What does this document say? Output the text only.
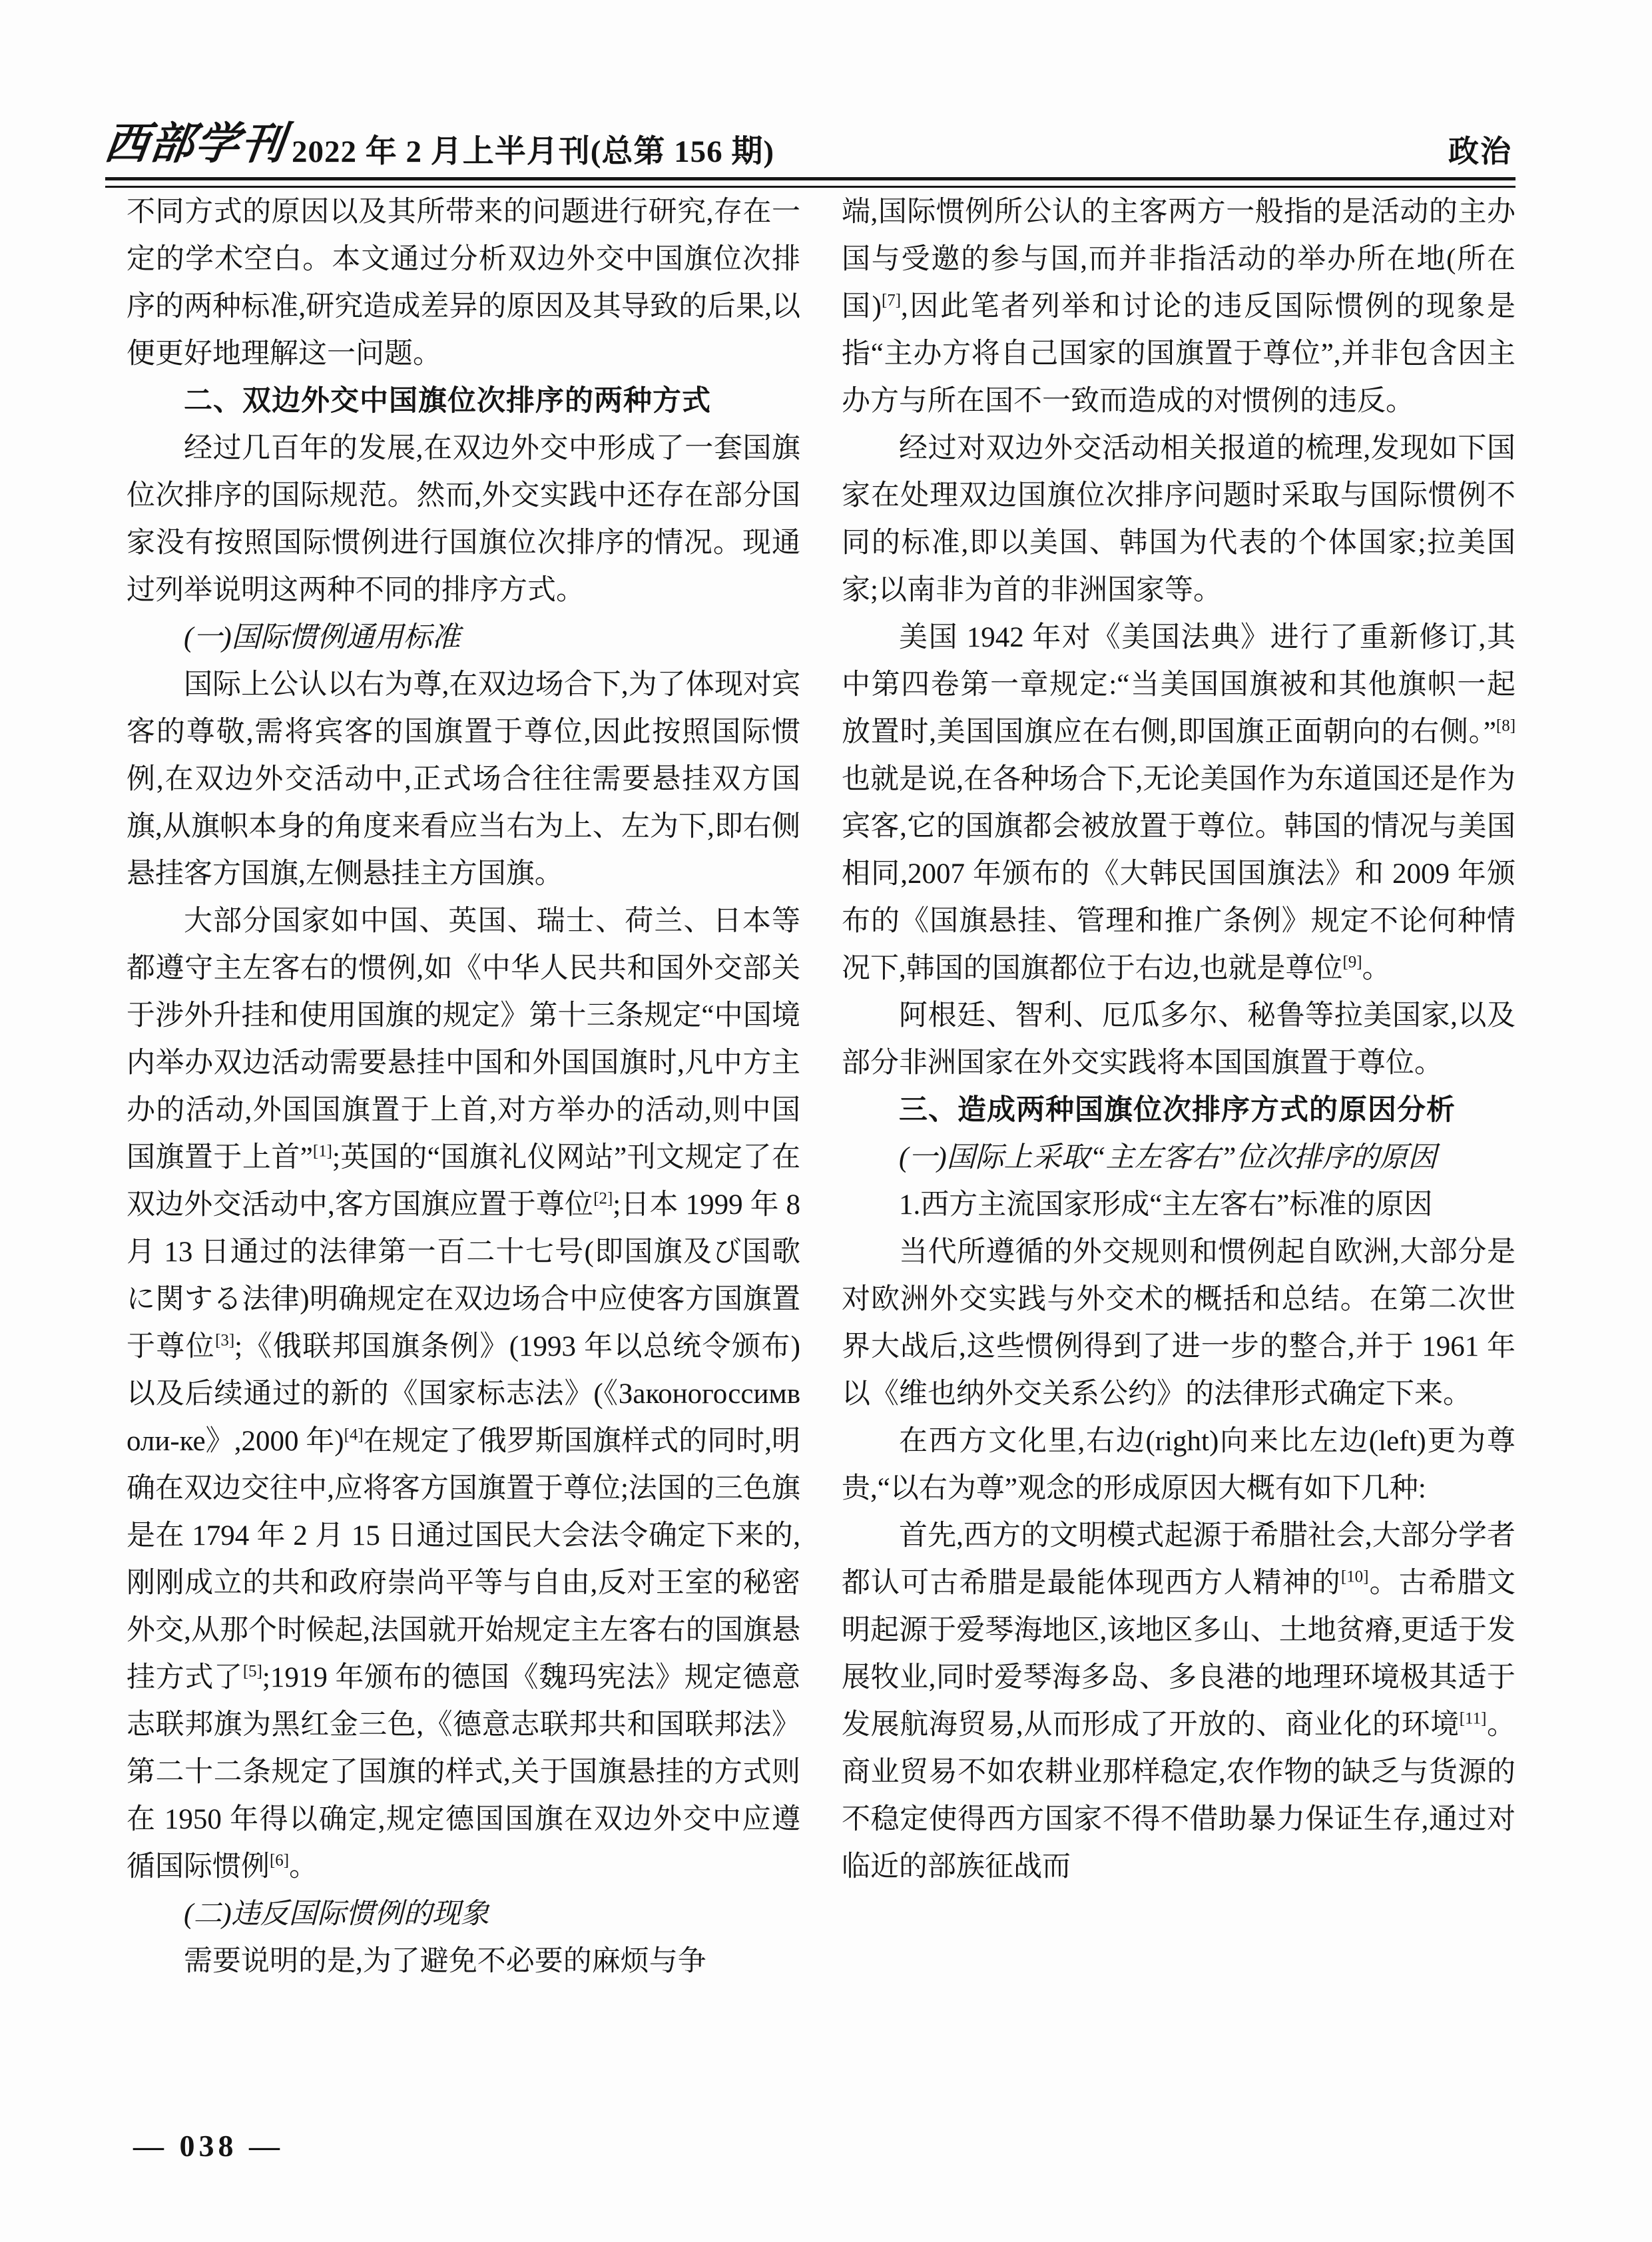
西部学刊 2022 年 2 月上半月刊(总第 156 期)	政治
不同方式的原因以及其所带来的问题进行研究,存在一定的学术空白。本文通过分析双边外交中国旗位次排序的两种标准,研究造成差异的原因及其导致的后果,以便更好地理解这一问题。
二、双边外交中国旗位次排序的两种方式
经过几百年的发展,在双边外交中形成了一套国旗位次排序的国际规范。然而,外交实践中还存在部分国家没有按照国际惯例进行国旗位次排序的情况。现通过列举说明这两种不同的排序方式。
(一)国际惯例通用标准
国际上公认以右为尊,在双边场合下,为了体现对宾客的尊敬,需将宾客的国旗置于尊位,因此按照国际惯例,在双边外交活动中,正式场合往往需要悬挂双方国旗,从旗帜本身的角度来看应当右为上、左为下,即右侧悬挂客方国旗,左侧悬挂主方国旗。
大部分国家如中国、英国、瑞士、荷兰、日本等都遵守主左客右的惯例,如《中华人民共和国外交部关于涉外升挂和使用国旗的规定》第十三条规定“中国境内举办双边活动需要悬挂中国和外国国旗时,凡中方主办的活动,外国国旗置于上首,对方举办的活动,则中国国旗置于上首”[1];英国的“国旗礼仪网站”刊文规定了在双边外交活动中,客方国旗应置于尊位[2];日本 1999 年 8 月 13 日通过的法律第一百二十七号(即国旗及び国歌に関する法律)明确规定在双边场合中应使客方国旗置于尊位[3];《俄联邦国旗条例》(1993 年以总统令颁布)以及后续通过的新的《国家标志法》(《Законогоссимволи-ке》,2000 年)[4]在规定了俄罗斯国旗样式的同时,明确在双边交往中,应将客方国旗置于尊位;法国的三色旗是在 1794 年 2 月 15 日通过国民大会法令确定下来的,刚刚成立的共和政府崇尚平等与自由,反对王室的秘密外交,从那个时候起,法国就开始规定主左客右的国旗悬挂方式了[5];1919 年颁布的德国《魏玛宪法》规定德意志联邦旗为黑红金三色,《德意志联邦共和国联邦法》第二十二条规定了国旗的样式,关于国旗悬挂的方式则在 1950 年得以确定,规定德国国旗在双边外交中应遵循国际惯例[6]。
(二)违反国际惯例的现象
需要说明的是,为了避免不必要的麻烦与争
端,国际惯例所公认的主客两方一般指的是活动的主办国与受邀的参与国,而并非指活动的举办所在地(所在国)[7],因此笔者列举和讨论的违反国际惯例的现象是指“主办方将自己国家的国旗置于尊位”,并非包含因主办方与所在国不一致而造成的对惯例的违反。
经过对双边外交活动相关报道的梳理,发现如下国家在处理双边国旗位次排序问题时采取与国际惯例不同的标准,即以美国、韩国为代表的个体国家;拉美国家;以南非为首的非洲国家等。
美国 1942 年对《美国法典》进行了重新修订,其中第四卷第一章规定:“当美国国旗被和其他旗帜一起放置时,美国国旗应在右侧,即国旗正面朝向的右侧。”[8]也就是说,在各种场合下,无论美国作为东道国还是作为宾客,它的国旗都会被放置于尊位。韩国的情况与美国相同,2007 年颁布的《大韩民国国旗法》和 2009 年颁布的《国旗悬挂、管理和推广条例》规定不论何种情况下,韩国的国旗都位于右边,也就是尊位[9]。
阿根廷、智利、厄瓜多尔、秘鲁等拉美国家,以及部分非洲国家在外交实践将本国国旗置于尊位。
三、造成两种国旗位次排序方式的原因分析
(一)国际上采取“主左客右”位次排序的原因
1.西方主流国家形成“主左客右”标准的原因
当代所遵循的外交规则和惯例起自欧洲,大部分是对欧洲外交实践与外交术的概括和总结。在第二次世界大战后,这些惯例得到了进一步的整合,并于 1961 年以《维也纳外交关系公约》的法律形式确定下来。
在西方文化里,右边(right)向来比左边(left)更为尊贵,“以右为尊”观念的形成原因大概有如下几种:
首先,西方的文明模式起源于希腊社会,大部分学者都认可古希腊是最能体现西方人精神的[10]。古希腊文明起源于爱琴海地区,该地区多山、土地贫瘠,更适于发展牧业,同时爱琴海多岛、多良港的地理环境极其适于发展航海贸易,从而形成了开放的、商业化的环境[11]。商业贸易不如农耕业那样稳定,农作物的缺乏与货源的不稳定使得西方国家不得不借助暴力保证生存,通过对临近的部族征战而
— 038 —
